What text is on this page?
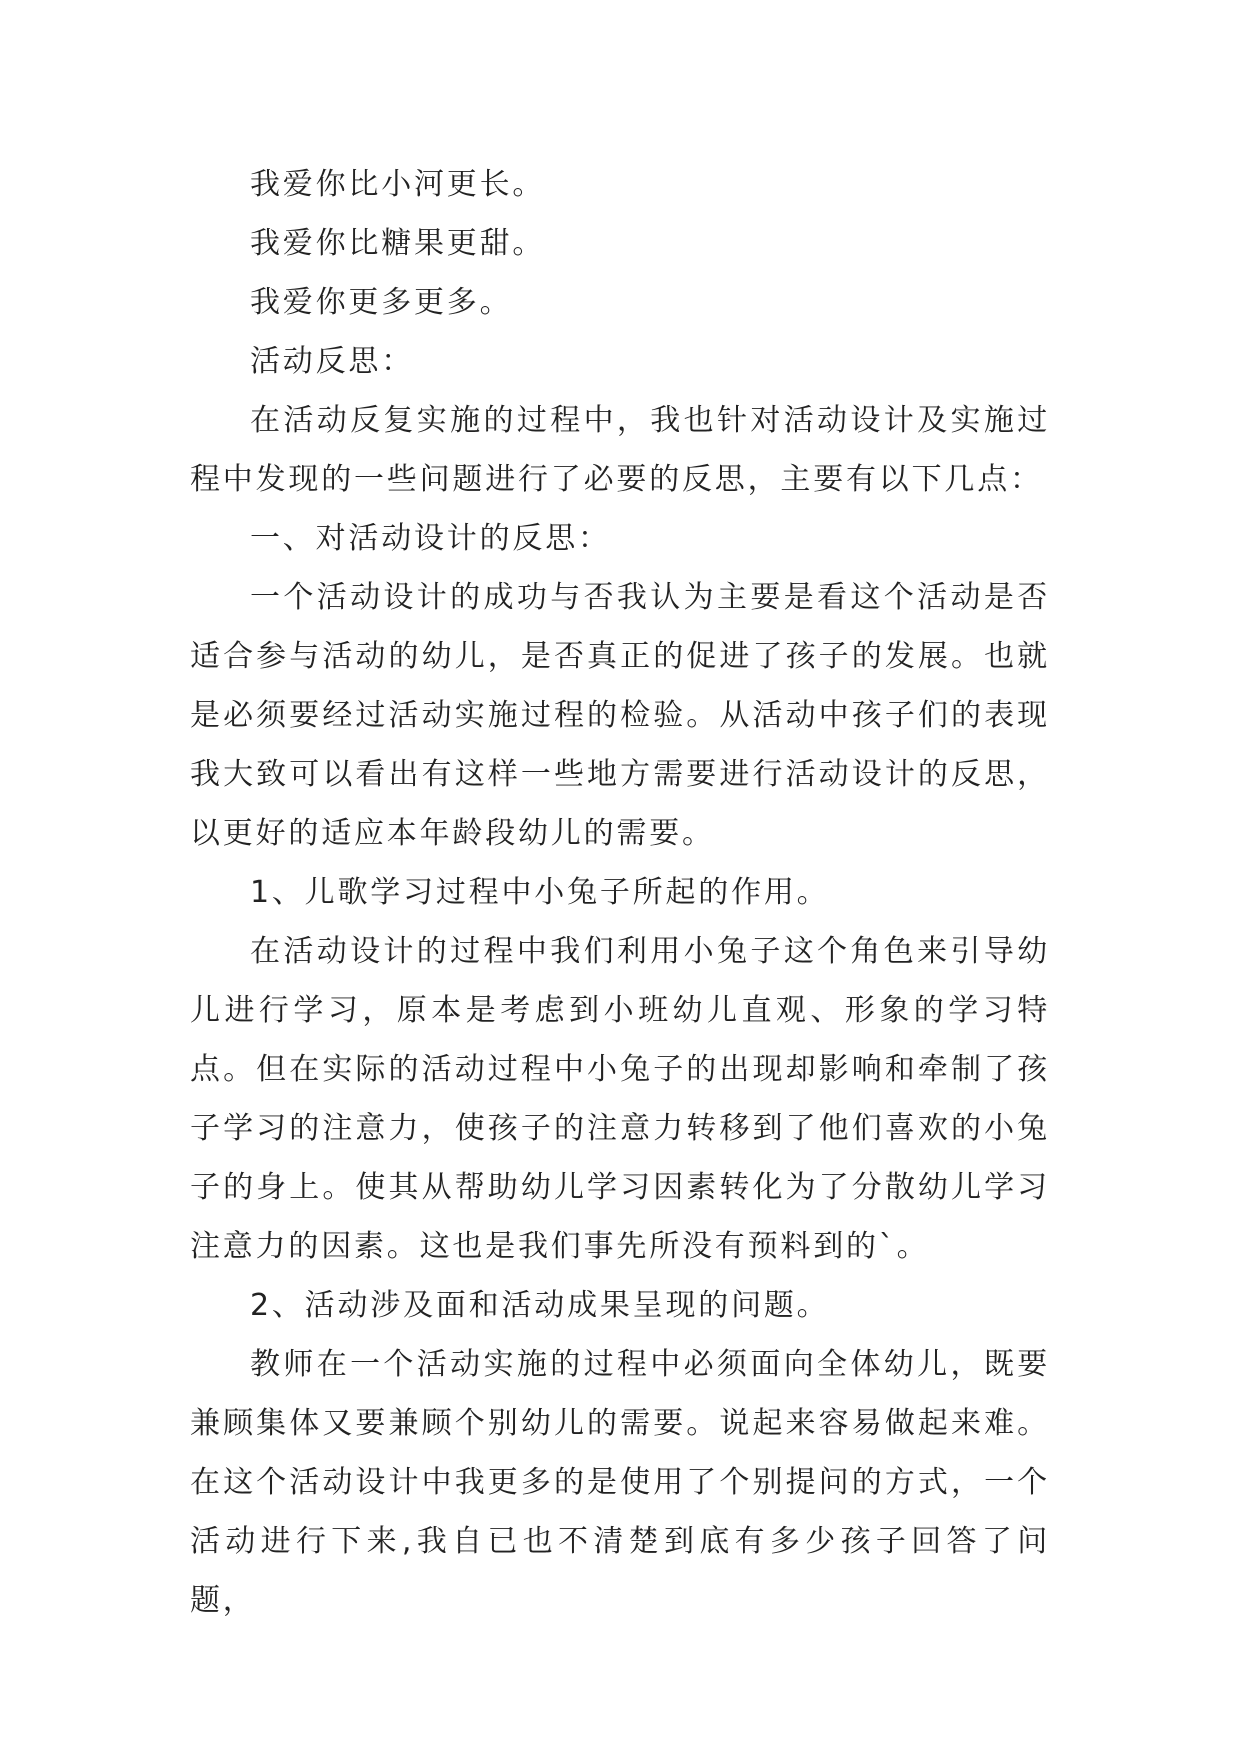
我爱你比小河更长。

我爱你比糖果更甜。

我爱你更多更多。

活动反思：

在活动反复实施的过程中，我也针对活动设计及实施过程中发现的一些问题进行了必要的反思，主要有以下几点：

一、对活动设计的反思：

一个活动设计的成功与否我认为主要是看这个活动是否适合参与活动的幼儿，是否真正的促进了孩子的发展。也就是必须要经过活动实施过程的检验。从活动中孩子们的表现我大致可以看出有这样一些地方需要进行活动设计的反思，以更好的适应本年龄段幼儿的需要。

1、儿歌学习过程中小兔子所起的作用。

在活动设计的过程中我们利用小兔子这个角色来引导幼儿进行学习，原本是考虑到小班幼儿直观、形象的学习特点。但在实际的活动过程中小兔子的出现却影响和牵制了孩子学习的注意力，使孩子的注意力转移到了他们喜欢的小兔子的身上。使其从帮助幼儿学习因素转化为了分散幼儿学习注意力的因素。这也是我们事先所没有预料到的`。

2、活动涉及面和活动成果呈现的问题。

教师在一个活动实施的过程中必须面向全体幼儿，既要兼顾集体又要兼顾个别幼儿的需要。说起来容易做起来难。在这个活动设计中我更多的是使用了个别提问的方式，一个活动进行下来,我自已也不清楚到底有多少孩子回答了问题，
